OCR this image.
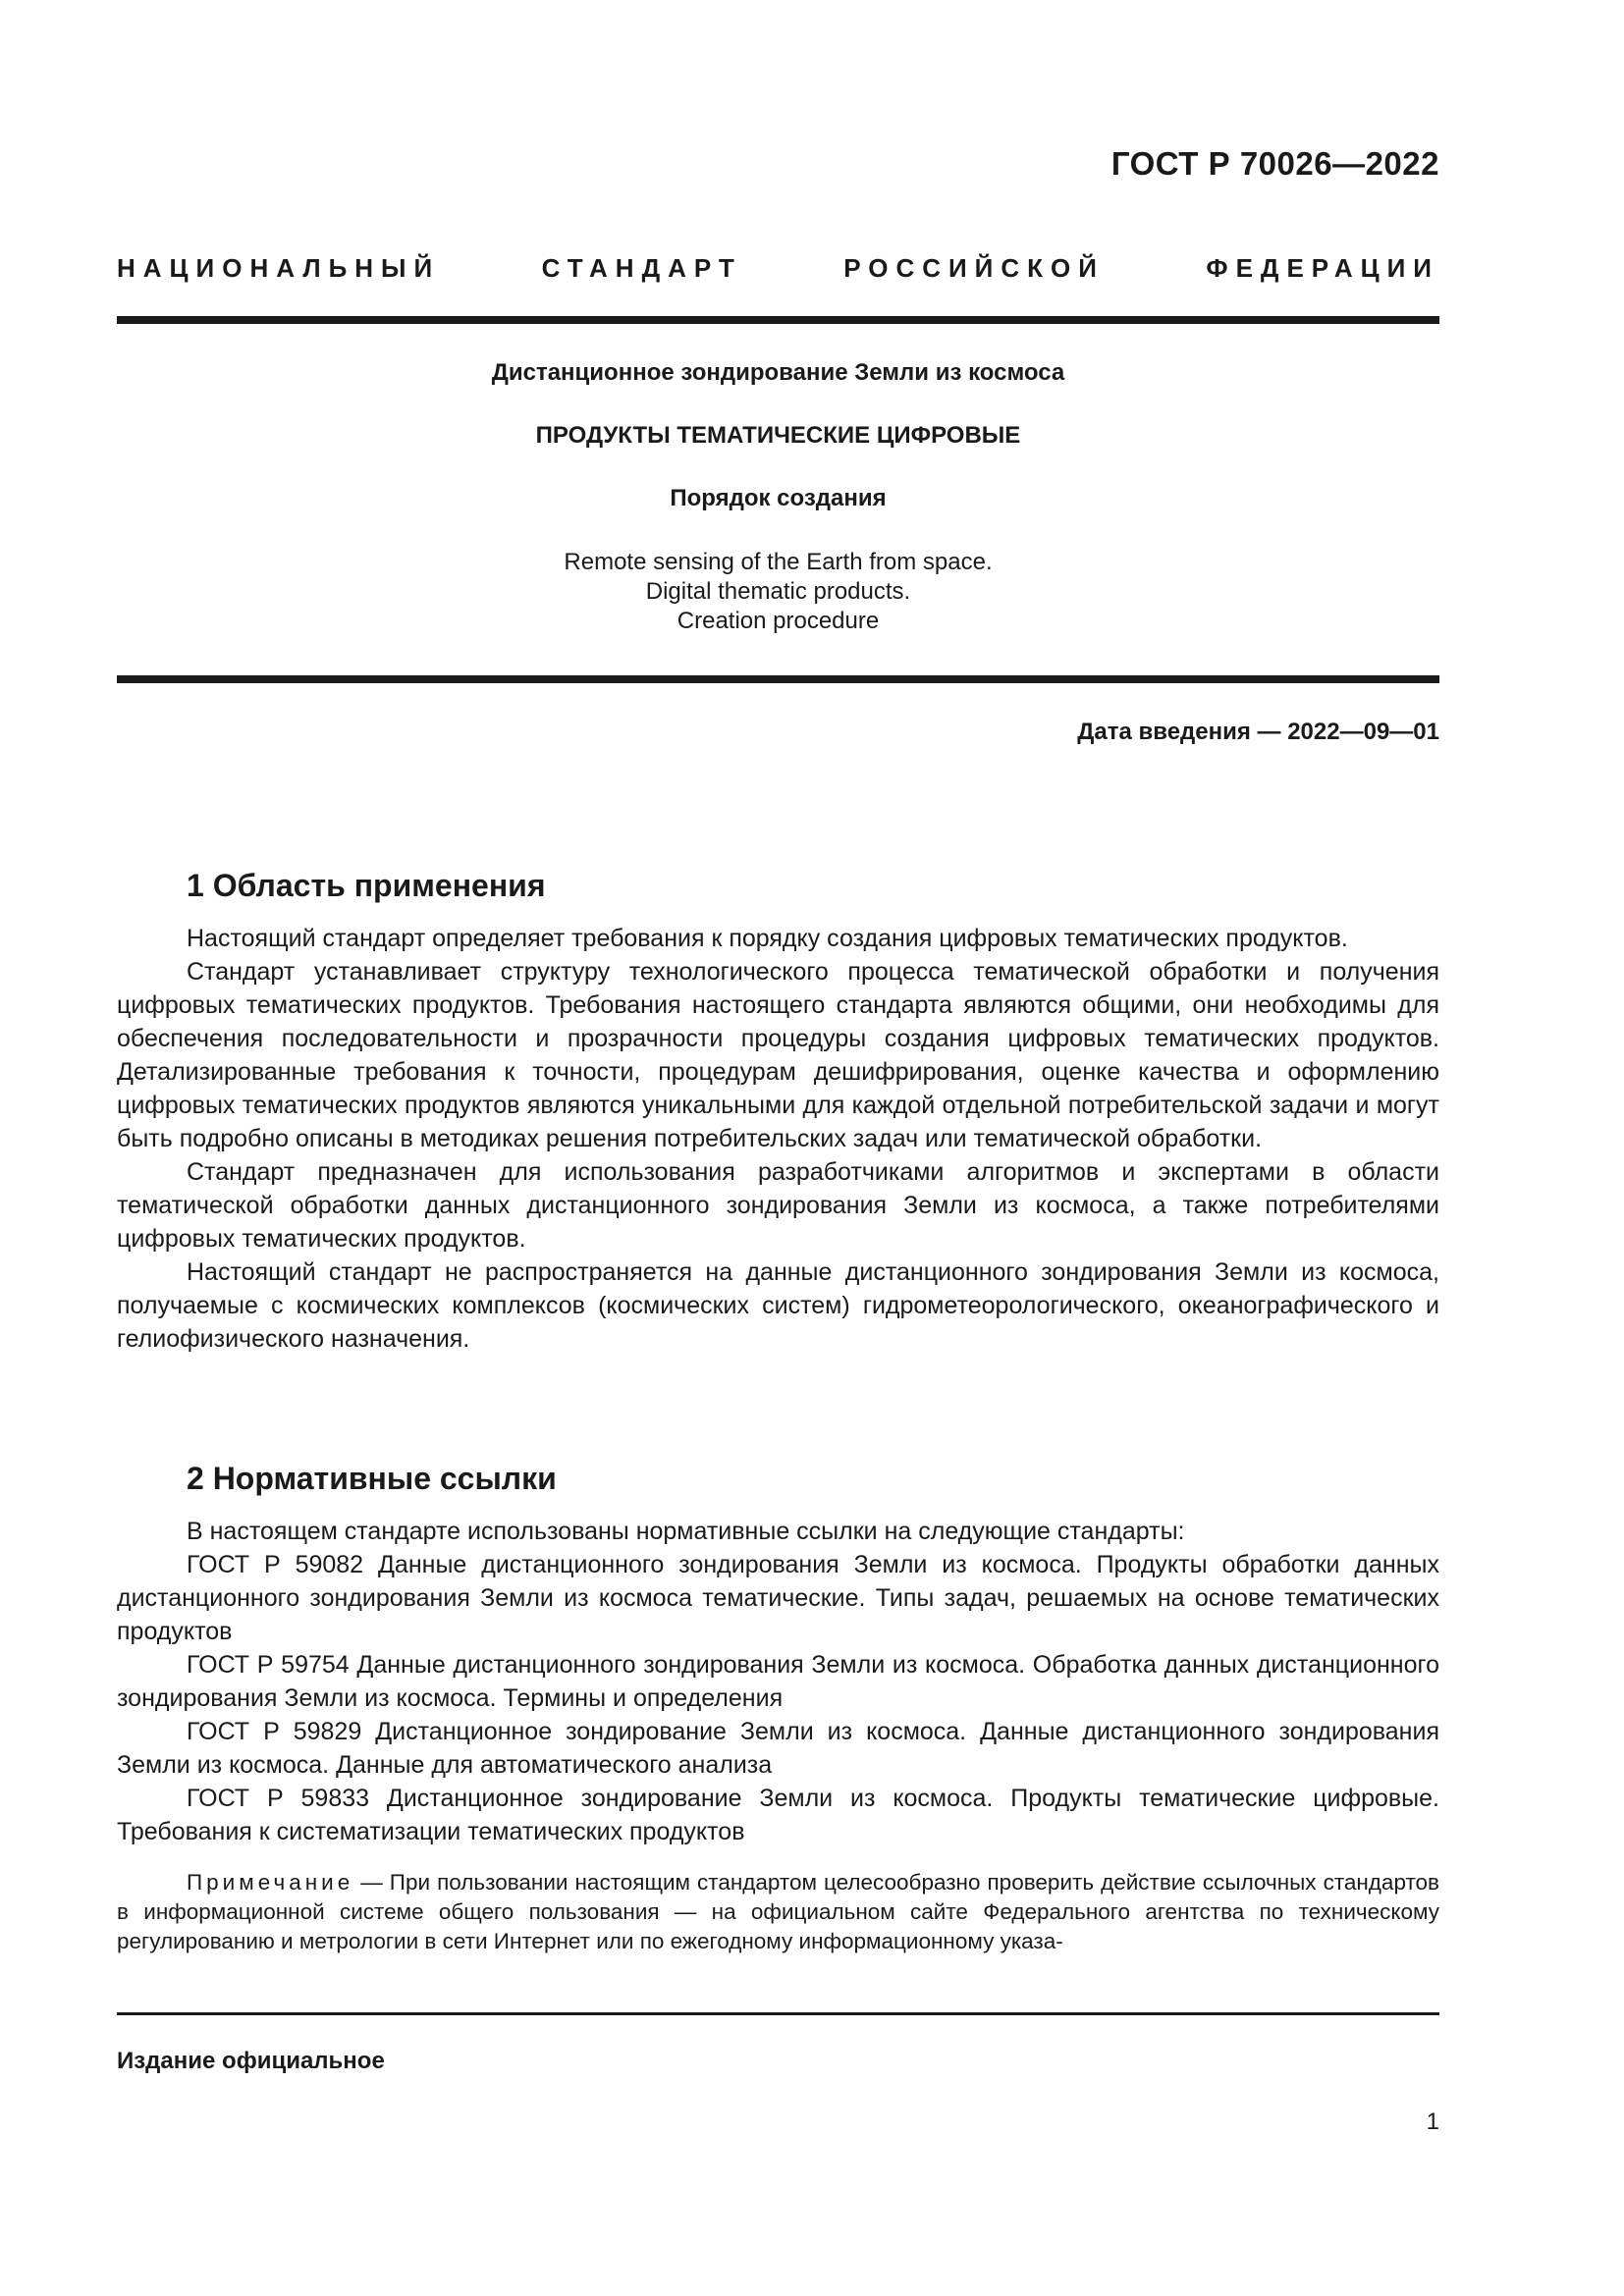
ГОСТ Р 70026—2022
НАЦИОНАЛЬНЫЙ СТАНДАРТ РОССИЙСКОЙ ФЕДЕРАЦИИ
Дистанционное зондирование Земли из космоса
ПРОДУКТЫ ТЕМАТИЧЕСКИЕ ЦИФРОВЫЕ
Порядок создания
Remote sensing of the Earth from space.
Digital thematic products.
Creation procedure
Дата введения — 2022—09—01
1 Область применения

Настоящий стандарт определяет требования к порядку создания цифровых тематических продуктов.

Стандарт устанавливает структуру технологического процесса тематической обработки и получения цифровых тематических продуктов. Требования настоящего стандарта являются общими, они необходимы для обеспечения последовательности и прозрачности процедуры создания цифровых тематических продуктов. Детализированные требования к точности, процедурам дешифрирования, оценке качества и оформлению цифровых тематических продуктов являются уникальными для каждой отдельной потребительской задачи и могут быть подробно описаны в методиках решения потребительских задач или тематической обработки.

Стандарт предназначен для использования разработчиками алгоритмов и экспертами в области тематической обработки данных дистанционного зондирования Земли из космоса, а также потребителями цифровых тематических продуктов.

Настоящий стандарт не распространяется на данные дистанционного зондирования Земли из космоса, получаемые с космических комплексов (космических систем) гидрометеорологического, океанографического и гелиофизического назначения.

2 Нормативные ссылки

В настоящем стандарте использованы нормативные ссылки на следующие стандарты:

ГОСТ Р 59082 Данные дистанционного зондирования Земли из космоса. Продукты обработки данных дистанционного зондирования Земли из космоса тематические. Типы задач, решаемых на основе тематических продуктов

ГОСТ Р 59754 Данные дистанционного зондирования Земли из космоса. Обработка данных дистанционного зондирования Земли из космоса. Термины и определения

ГОСТ Р 59829 Дистанционное зондирование Земли из космоса. Данные дистанционного зондирования Земли из космоса. Данные для автоматического анализа

ГОСТ Р 59833 Дистанционное зондирование Земли из космоса. Продукты тематические цифровые. Требования к систематизации тематических продуктов

Примечание — При пользовании настоящим стандартом целесообразно проверить действие ссылочных стандартов в информационной системе общего пользования — на официальном сайте Федерального агентства по техническому регулированию и метрологии в сети Интернет или по ежегодному информационному указа-

Издание официальное
1
